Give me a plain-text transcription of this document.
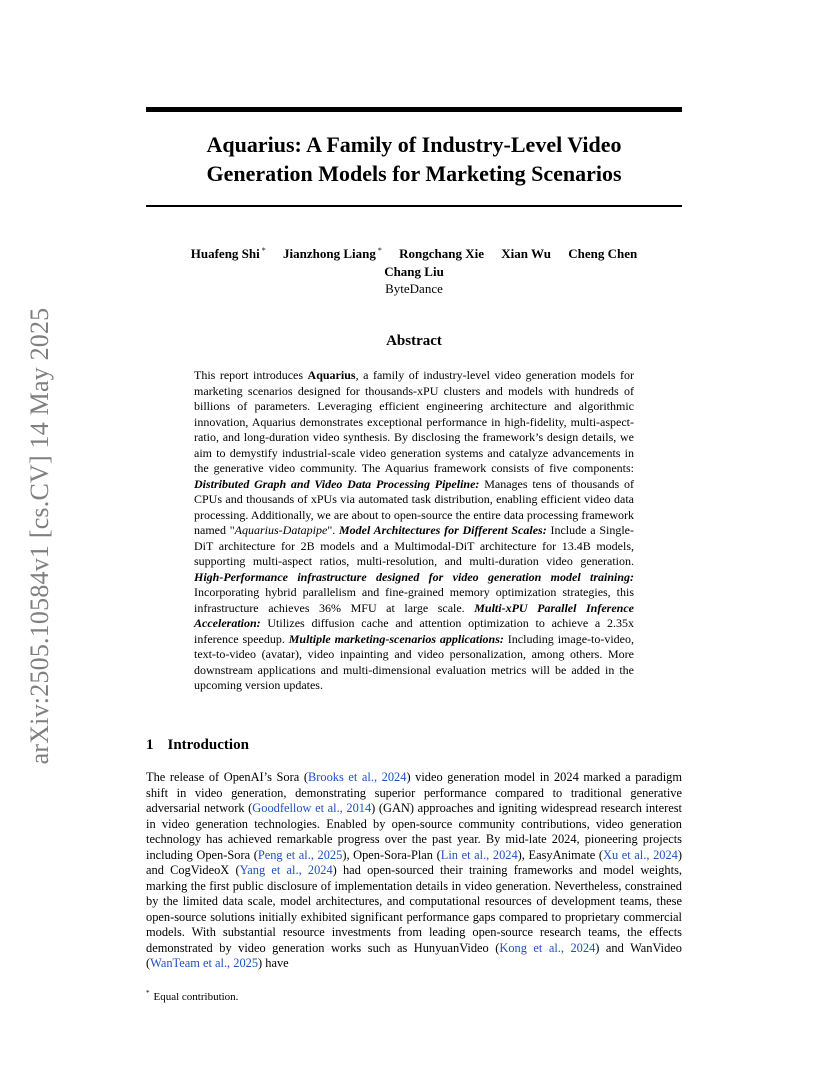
arXiv:2505.10584v1 [cs.CV] 14 May 2025
Aquarius: A Family of Industry-Level Video
Generation Models for Marketing Scenarios
Huafeng Shi * Jianzhong Liang * Rongchang Xie Xian Wu Cheng Chen
Chang Liu
ByteDance
Abstract
This report introduces Aquarius, a family of industry-level video generation models for marketing scenarios designed for thousands-xPU clusters and models with hundreds of billions of parameters. Leveraging efficient engineering architecture and algorithmic innovation, Aquarius demonstrates exceptional performance in high-fidelity, multi-aspect-ratio, and long-duration video synthesis. By disclosing the framework’s design details, we aim to demystify industrial-scale video generation systems and catalyze advancements in the generative video community. The Aquarius framework consists of five components: Distributed Graph and Video Data Processing Pipeline: Manages tens of thousands of CPUs and thousands of xPUs via automated task distribution, enabling efficient video data processing. Additionally, we are about to open-source the entire data processing framework named "Aquarius-Datapipe". Model Architectures for Different Scales: Include a Single-DiT architecture for 2B models and a Multimodal-DiT architecture for 13.4B models, supporting multi-aspect ratios, multi-resolution, and multi-duration video generation. High-Performance infrastructure designed for video generation model training: Incorporating hybrid parallelism and fine-grained memory optimization strategies, this infrastructure achieves 36% MFU at large scale. Multi-xPU Parallel Inference Acceleration: Utilizes diffusion cache and attention optimization to achieve a 2.35x inference speedup. Multiple marketing-scenarios applications: Including image-to-video, text-to-video (avatar), video inpainting and video personalization, among others. More downstream applications and multi-dimensional evaluation metrics will be added in the upcoming version updates.
1 Introduction
The release of OpenAI’s Sora (Brooks et al., 2024) video generation model in 2024 marked a paradigm shift in video generation, demonstrating superior performance compared to traditional generative adversarial network (Goodfellow et al., 2014) (GAN) approaches and igniting widespread research interest in video generation technologies. Enabled by open-source community contributions, video generation technology has achieved remarkable progress over the past year. By mid-late 2024, pioneering projects including Open-Sora (Peng et al., 2025), Open-Sora-Plan (Lin et al., 2024), EasyAnimate (Xu et al., 2024) and CogVideoX (Yang et al., 2024) had open-sourced their training frameworks and model weights, marking the first public disclosure of implementation details in video generation. Nevertheless, constrained by the limited data scale, model architectures, and computational resources of development teams, these open-source solutions initially exhibited significant performance gaps compared to proprietary commercial models. With substantial resource investments from leading open-source research teams, the effects demonstrated by video generation works such as HunyuanVideo (Kong et al., 2024) and WanVideo (WanTeam et al., 2025) have
* Equal contribution.
